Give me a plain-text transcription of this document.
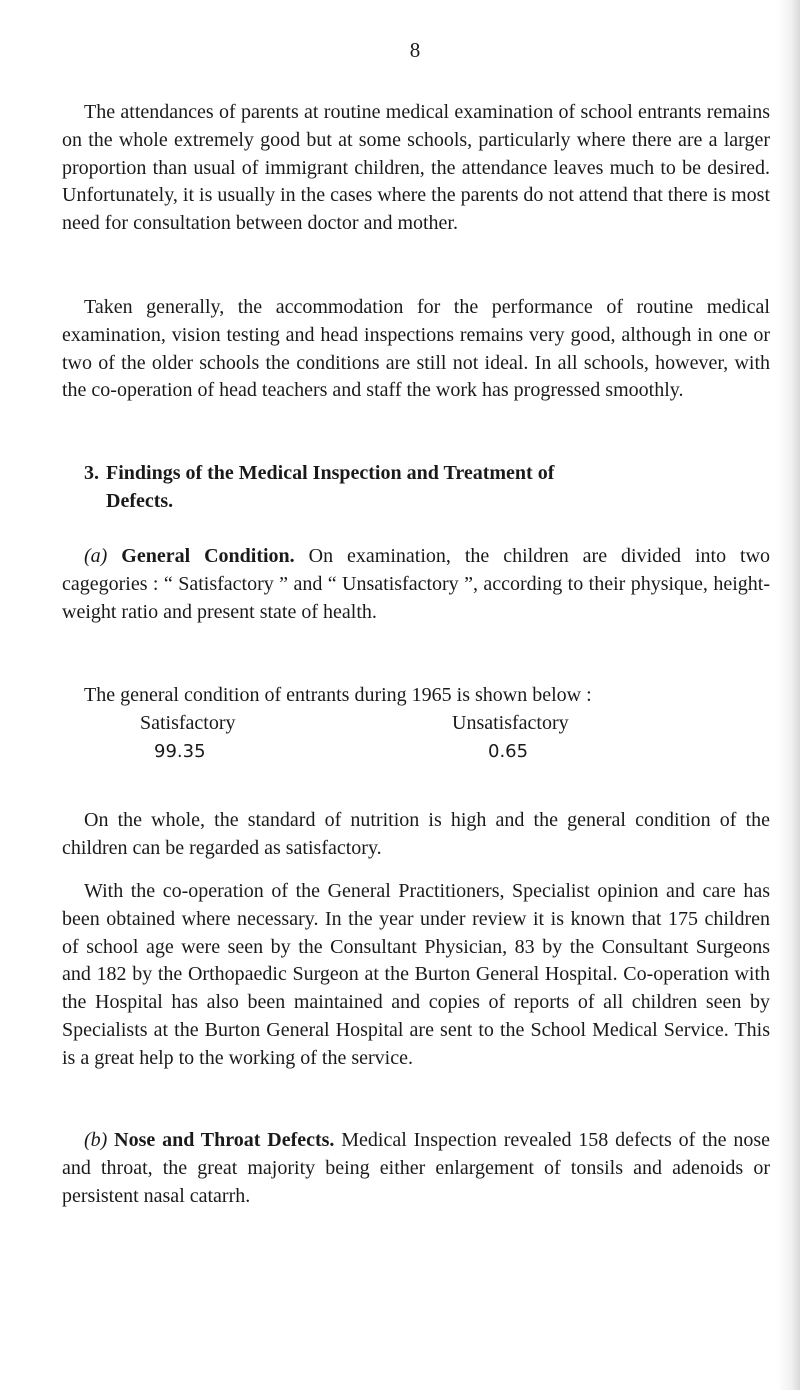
8

The attendances of parents at routine medical examination of school entrants remains on the whole extremely good but at some schools, particularly where there are a larger proportion than usual of immigrant children, the attendance leaves much to be desired. Unfortunately, it is usually in the cases where the parents do not attend that there is most need for consultation between doctor and mother.

Taken generally, the accommodation for the performance of routine medical examination, vision testing and head inspections remains very good, although in one or two of the older schools the conditions are still not ideal. In all schools, however, with the co-operation of head teachers and staff the work has progressed smoothly.

3. Findings of the Medical Inspection and Treatment of
Defects.

(a) General Condition. On examination, the children are divided into two cagegories : “ Satisfactory ” and “ Unsatisfactory ”, according to their physique, height-weight ratio and present state of health.

The general condition of entrants during 1965 is shown below :

Satisfactory	Unsatisfactory
99.35	0.65

On the whole, the standard of nutrition is high and the general condition of the children can be regarded as satisfactory.

With the co-operation of the General Practitioners, Specialist opinion and care has been obtained where necessary. In the year under review it is known that 175 children of school age were seen by the Consultant Physician, 83 by the Consultant Surgeons and 182 by the Orthopaedic Surgeon at the Burton General Hospital. Co-operation with the Hospital has also been maintained and copies of reports of all children seen by Specialists at the Burton General Hospital are sent to the School Medical Service. This is a great help to the working of the service.

(b) Nose and Throat Defects. Medical Inspection revealed 158 defects of the nose and throat, the great majority being either enlargement of tonsils and adenoids or persistent nasal catarrh.
